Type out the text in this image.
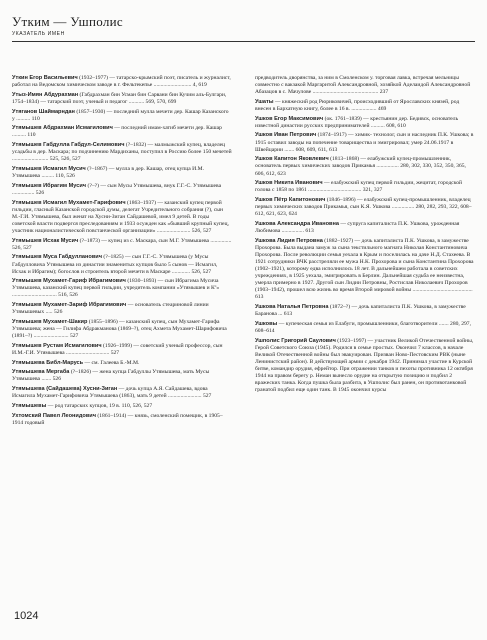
Утким — Ушполис
УКАЗАТЕЛЬ ИМЕН

Уткин Егор Васильевич (1932–1977) — татарско-крымский поэт, писатель и журналист, работал на Ведомском химическом заводе в г. Фельтекепье ........................... 4, 619

Утыз-Имян Абдурахман (Габдрахман бин Усман бин Сарвани бин Кучим аль-Булгари, 1754–1834) — татарский поэт, ученый и педагог ........... 569, 570, 699

Утяганов Шаймарндан (1857–1930) — последний мулла мечети дер. Кашар Казанского у .......... 110

Утямышев Абдрахман Исмагилович — последний имам-хатиб мечети дер. Кашар .......... 110

Утямышев Габдулла Габдул-Селимович (?–1832) — малмыжский купец, владелец усадьбы в дер. Маскара; по подчинению Мардиханы, поступил в Россию более 150 мечетей .......................... 525, 526, 527

Утямышев Исмагил Мусич (?–1867) — мулла в дер. Кашар, отец купца И.М. Утямышева ......... 110, 526

Утямышев Ибрагим Мусич (?–?) — сын Мусы Утямышева, внук Г.Г.-С. Утямышева ................ 526

Утямышев Исмагил Мухамет-Гарифович (1863–1937) — казанский купец первой гильдии, гласный Казанской городской думы, делегат Учредительного собрания (?), сын М.-Г.И. Утямышева, был женат на Хусни-Зиган Сайдашевой, имел 9 детей. В годы советской власти подвергся преследованиям и 1933 осужден как «бывший крупный купец, участник националистической повстанческой организации» ........................ 526, 527

Утямышев Исхак Мусич (?–1873) — купец из с. Маскара, сын М.Г. Утямышева ............... 526, 527

Утямышев Муса Габдулланович (?–1825) — сын Г.Г.-С. Утямышева (у Мусы Габдулловича Утямышева из династии знаменитых купцов было 5 сынов — Исмагил, Исхак и Ибрагим); богослов и строитель второй мечети в Маскаре ............. 526, 527

Утямышев Мухамет-Гариф Ибрагимович (1830–1893) — сын Ибрагима Мусича Утямышева, казанский купец первой гильдии, учредитель компании «Утямышев и Кº» ................................ 516, 526

Утямышев Мухамет-Зариф Ибрагимович — основатель стеариновой линии Утямышевых ..... 526

Утямышев Мухамет-Шакир (1855–1896) — казанский купец, сын Мухамет-Гарифа Утямышева; жена — Гилифа Абдракманова (1869–?), отец Ахмета Мухамет-Шарифовича (1891–?) ......................... 527

Утямышев Рустам Исмагилович (1926–1999) — советский ученый профессор, сын И.М.-Г.И. Утямышева ............................... 527

Утямышева Библ-Марусь — см. Галеева Б.-М.М.

Утямышева Мергаба (?–1826) — жена купца Габдуллы Утямышева, мать Мусы Утямышева ....... 526

Утямышева (Сайдашева) Хусни-Зиган — дочь купца А.Я. Сайдашева, вдова Исмагила Мухамет-Гарифовича Утямышева (1863), мать 9 детей ........................ 527

Утямышевы — род татарских купцов, 19 в. 110, 526, 527

Ухтомский Павел Леонидович (1861–1914) — князь, смоленский помещик, в 1905–1914 годовый

предводитель дворянства, за ним в Смоленском у. торговая лавка, встречая мельницы совместно с вакзакой Маргаритой Александровной, хозяйкой Аделаидой Александровной Абазацов в с. Мачулове ............................................... 237

Ушаты — княжеский род Рюриковичей, происходивший от Ярославских князей, род внесен в Бархатную книгу, более в 16 в. .................. 469

Ушков Егор Максимович (ок. 1761–1839) — крестьянин дер. Бедивск, основатель известной династии русских предпринимателей .......... 608, 610

Ушков Иван Петрович (1874–1917) — химик- технолог, сын и наследник П.К. Ушкова; в 1915 оставил заводы на попечение товарищества и эмигрировал; умер 24.06.1917 в Швейцарии ....... 608, 609, 611, 613

Ушков Капитон Яковлевич (1813–1868) — елабужский купец-промышленник, основатель первых химических заводов Прикамья ................ 280, 302, 330, 352, 350, 365, 606, 612, 623

Ушков Никита Иванович — елабужский купец первой гильдии, жецитат, городской голова с 1858 по 1861 ...................................... 321, 327

Ушков Пётр Капитонович (1846–1896) — елабужский купец-промышленник, владелец первых химических заводов Прикамья, сын К.Я. Ушкова ................ 280, 282, 293, 322, 608–612, 621, 623, 624

Ушкова Александра Ивановна — супруга капиталиста П.К. Ушкова, урожденная Любимова ................ 613

Ушкова Лидия Петровна (1882–1927) — дочь капиталиста П.К. Ушкова, в замужестве Прохорова. Была выдана замуж за сына текстильного магната Николая Константиновича Прохорова. После революции семья уехала в Крым и поселилась на даче Н.Д. Стахеева. В 1921 сотрудники ВЧК расстреляли ее мужа Н.К. Прохорова и сына Константина Прохорова (1902–1921), которому едва исполнилось 18 лет. В дальнейшем работала в советских учреждениях, в 1925 уехала, эмигрировать в Берлин. Дальнейшая судьба ее неизвестна, умерла примерно в 1927. Другой сын Лидии Петровны, Ростислав Николаевич Прохоров (1903–1942), прошел всю жизнь во время Второй мировой войны ........................................... 613

Ушкова Наталья Петровна (1872–?) — дочь капиталиста П.К. Ушкова, в замужестве Баранова ... 613

Ушковы — купеческая семья из Елабуги, промышленники, благотворители ....... 280, 297, 608–614

Ушполис Григорий Саулович (1923–1997) — участник Великой Отечественной войны, Герой Советского Союза (1945). Родился в семье простых. Окончил 7 классов, в начале Великой Отечественной войны был эвакуирован. Призван Ново-Пестовским РВК (ныне Ленинистский район). В действующей армии с декабря 1942. Принимал участие в Курской битве, командир орудия, ефрейтор. При отражении танков и пехоты противника 12 октября 1944 на правом берегу р. Неман вынесло орудие на открытую позицию и подбил 2 вражеских танка. Когда пушка была разбита, в Ушполис был ранен, он противотанковой гранатой подбил еще один танк. В 1945 окончил курсы

1024
